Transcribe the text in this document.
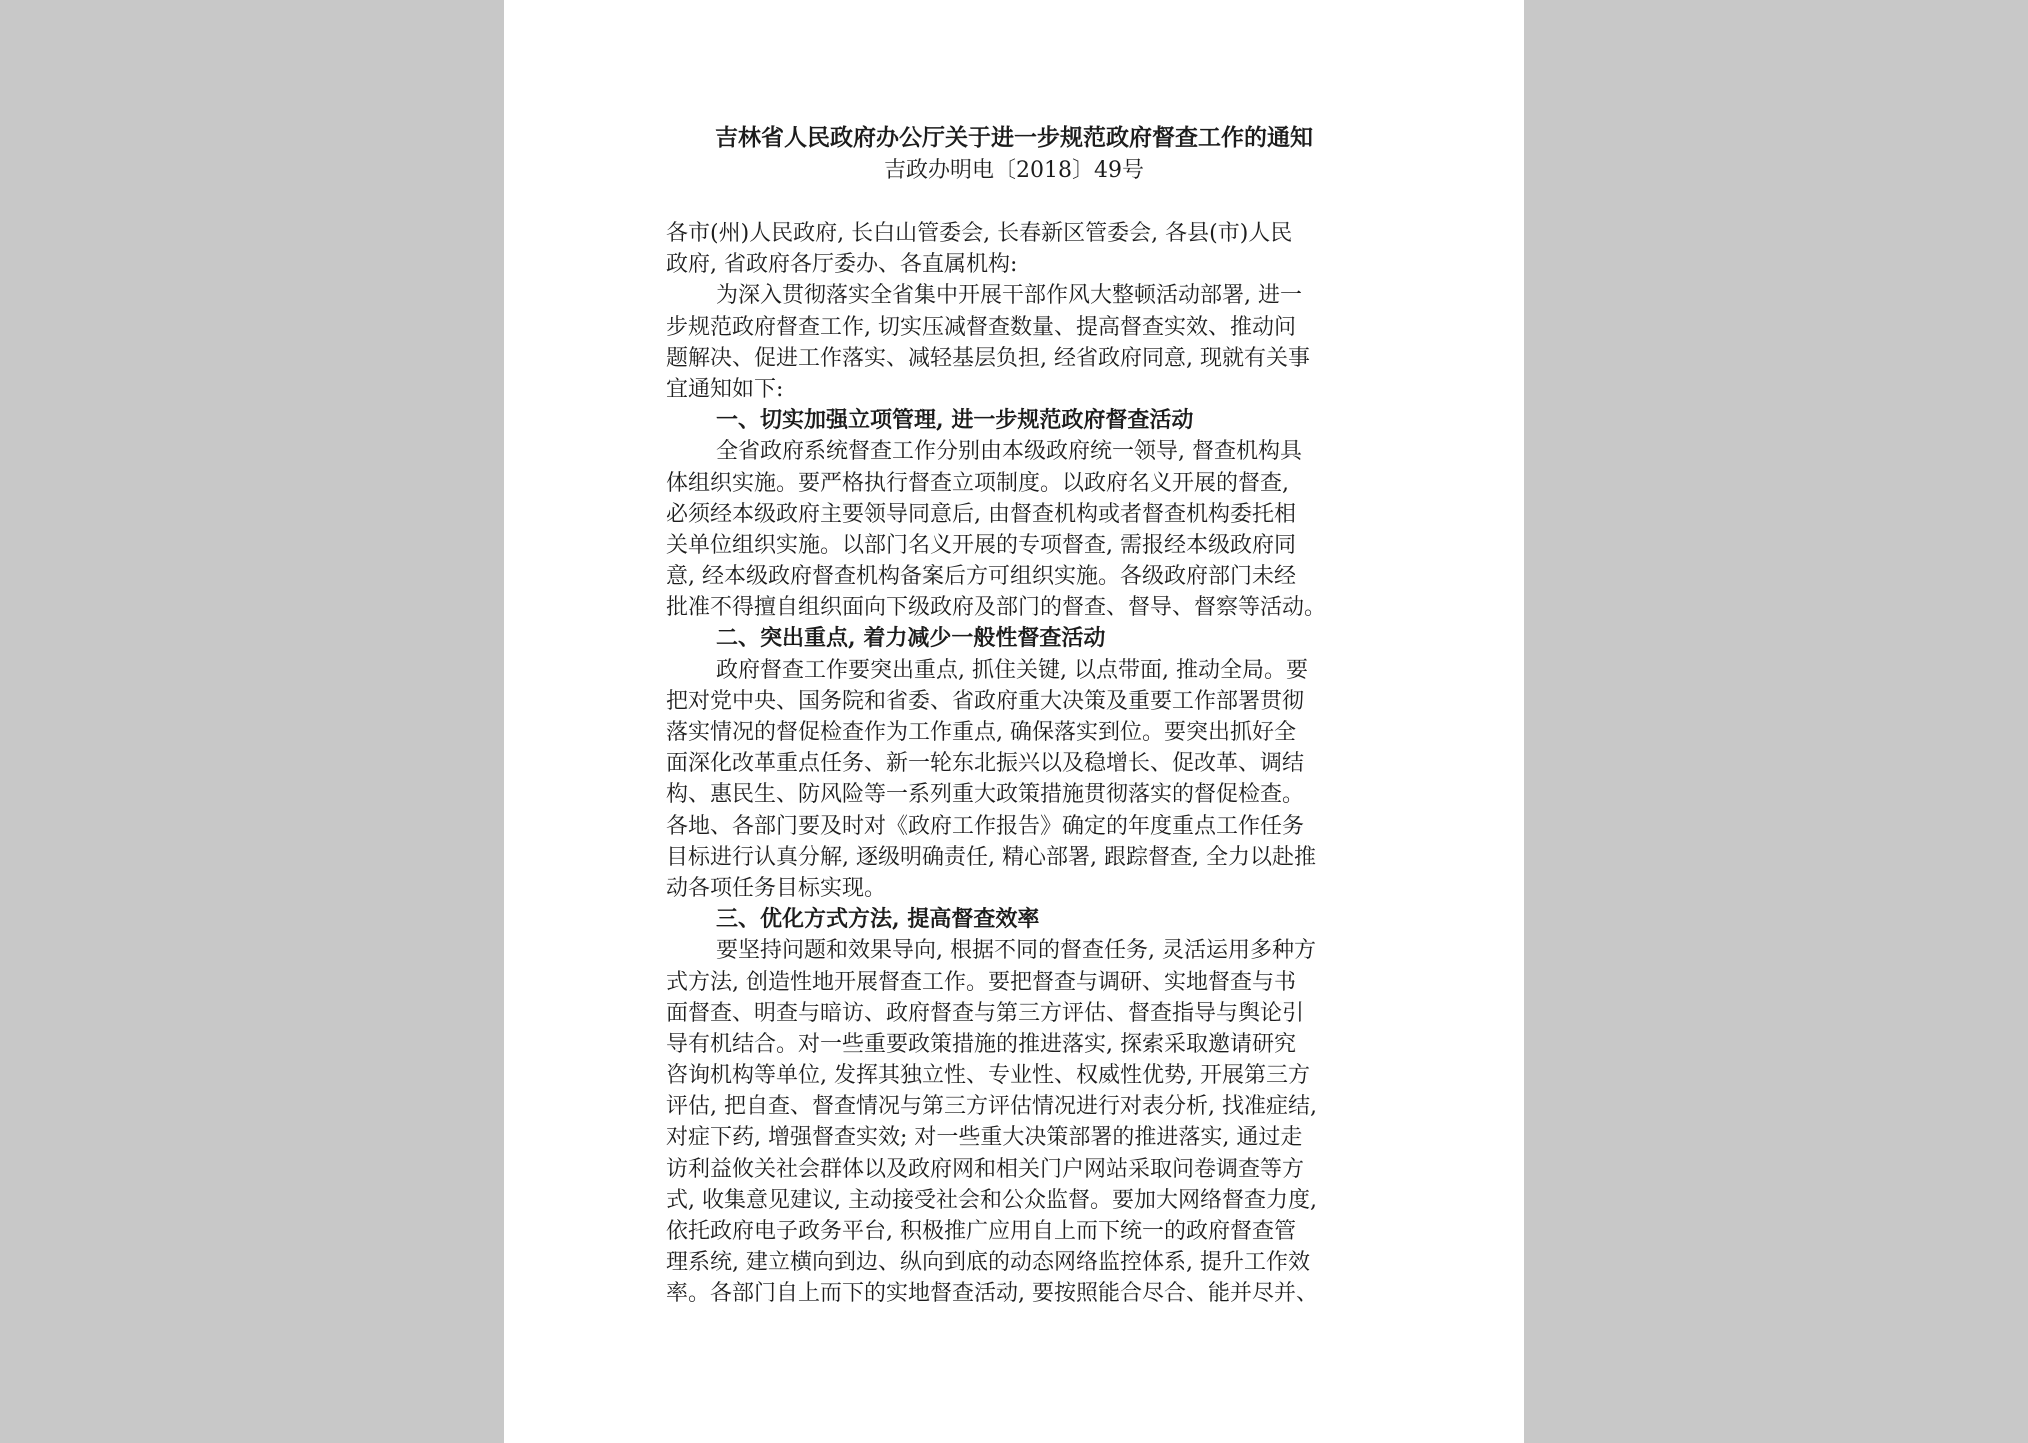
吉林省人民政府办公厅关于进一步规范政府督查工作的通知
吉政办明电〔2018〕49号
各市(州)人民政府, 长白山管委会, 长春新区管委会, 各县(市)人民
政府, 省政府各厅委办、各直属机构:
为深入贯彻落实全省集中开展干部作风大整顿活动部署, 进一
步规范政府督查工作, 切实压减督查数量、提高督查实效、推动问
题解决、促进工作落实、减轻基层负担, 经省政府同意, 现就有关事
宜通知如下:
一、切实加强立项管理, 进一步规范政府督查活动
全省政府系统督查工作分别由本级政府统一领导, 督查机构具
体组织实施。要严格执行督查立项制度。以政府名义开展的督查,
必须经本级政府主要领导同意后, 由督查机构或者督查机构委托相
关单位组织实施。以部门名义开展的专项督查, 需报经本级政府同
意, 经本级政府督查机构备案后方可组织实施。各级政府部门未经
批准不得擅自组织面向下级政府及部门的督查、督导、督察等活动。
二、突出重点, 着力减少一般性督查活动
政府督查工作要突出重点, 抓住关键, 以点带面, 推动全局。要
把对党中央、国务院和省委、省政府重大决策及重要工作部署贯彻
落实情况的督促检查作为工作重点, 确保落实到位。要突出抓好全
面深化改革重点任务、新一轮东北振兴以及稳增长、促改革、调结
构、惠民生、防风险等一系列重大政策措施贯彻落实的督促检查。
各地、各部门要及时对《政府工作报告》确定的年度重点工作任务
目标进行认真分解, 逐级明确责任, 精心部署, 跟踪督查, 全力以赴推
动各项任务目标实现。
三、优化方式方法, 提高督查效率
要坚持问题和效果导向, 根据不同的督查任务, 灵活运用多种方
式方法, 创造性地开展督查工作。要把督查与调研、实地督查与书
面督查、明查与暗访、政府督查与第三方评估、督查指导与舆论引
导有机结合。对一些重要政策措施的推进落实, 探索采取邀请研究
咨询机构等单位, 发挥其独立性、专业性、权威性优势, 开展第三方
评估, 把自查、督查情况与第三方评估情况进行对表分析, 找准症结,
对症下药, 增强督查实效; 对一些重大决策部署的推进落实, 通过走
访利益攸关社会群体以及政府网和相关门户网站采取问卷调查等方
式, 收集意见建议, 主动接受社会和公众监督。要加大网络督查力度,
依托政府电子政务平台, 积极推广应用自上而下统一的政府督查管
理系统, 建立横向到边、纵向到底的动态网络监控体系, 提升工作效
率。各部门自上而下的实地督查活动, 要按照能合尽合、能并尽并、
